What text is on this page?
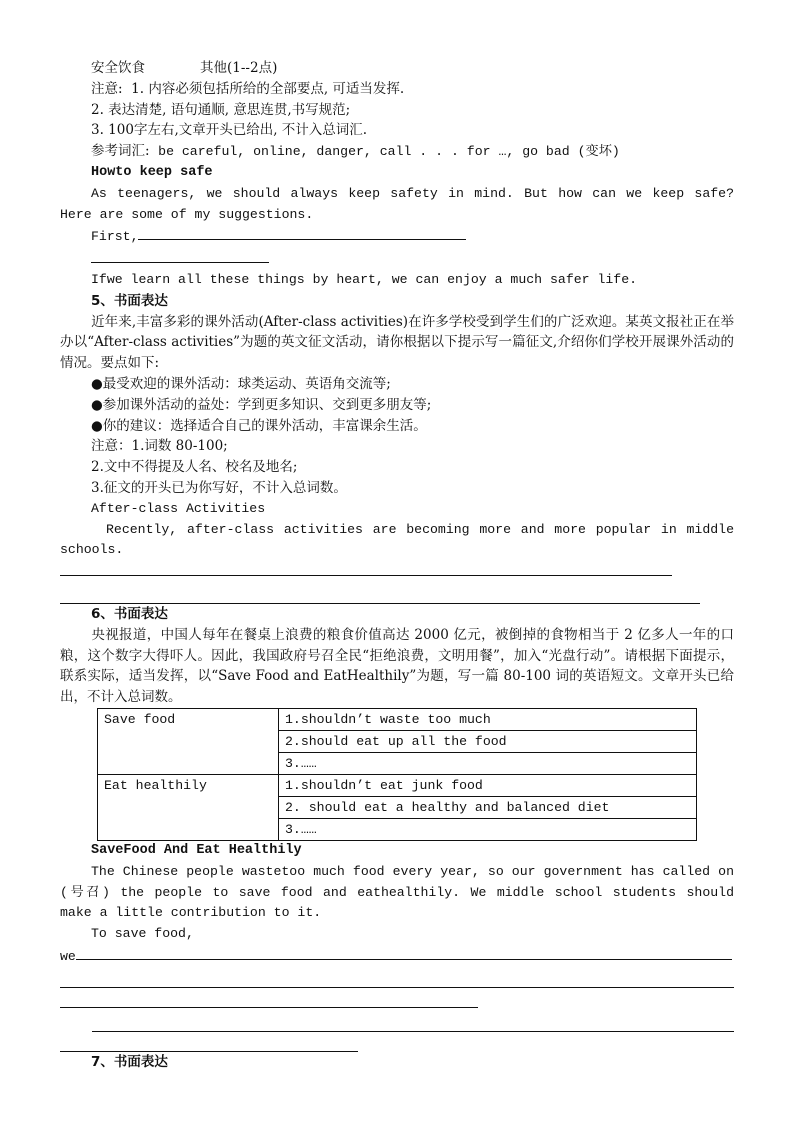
安全饮食	其他(1--2点)

注意: 1. 内容必须包括所给的全部要点, 可适当发挥.

2. 表达清楚, 语句通顺, 意思连贯,书写规范;

3. 100字左右,文章开头已给出, 不计入总词汇.

参考词汇: be careful, online, danger, call . . . for …, go bad (变坏)

Howto keep safe

As teenagers, we should always keep safety in mind. But how can we keep safe? Here are some of my suggestions.

First,

Ifwe learn all these things by heart, we can enjoy a much safer life.

5、书面表达

近年来,丰富多彩的课外活动(After-class activities)在许多学校受到学生们的广泛欢迎。某英文报社正在举办以“After-class activities”为题的英文征文活动，请你根据以下提示写一篇征文,介绍你们学校开展课外活动的情况。要点如下:

●最受欢迎的课外活动：球类运动、英语角交流等;

●参加课外活动的益处：学到更多知识、交到更多朋友等;

●你的建议：选择适合自己的课外活动，丰富课余生活。

注意：1.词数 80-100;

2.文中不得提及人名、校名及地名;

3.征文的开头已为你写好，不计入总词数。

After-class Activities

Recently, after-class activities are becoming more and more popular in middle schools.

6、书面表达

央视报道，中国人每年在餐桌上浪费的粮食价值高达 2000 亿元，被倒掉的食物相当于 2 亿多人一年的口粮，这个数字大得吓人。因此，我国政府号召全民“拒绝浪费，文明用餐”，加入“光盘行动”。请根据下面提示，联系实际，适当发挥，以“Save Food and EatHealthily”为题，写一篇 80-100 词的英语短文。文章开头已给出，不计入总词数。

Save food	1.shouldn’t waste too much
	2.should eat up all the food
	3.……
Eat healthily	1.shouldn’t eat junk food
	2. should eat a healthy and balanced diet
	3.……

SaveFood And Eat Healthily

The Chinese people wastetoo much food every year, so our government has called on (号召) the people to save food and eathealthily. We middle school students should make a little contribution to it.

To save food,

we

7、书面表达
